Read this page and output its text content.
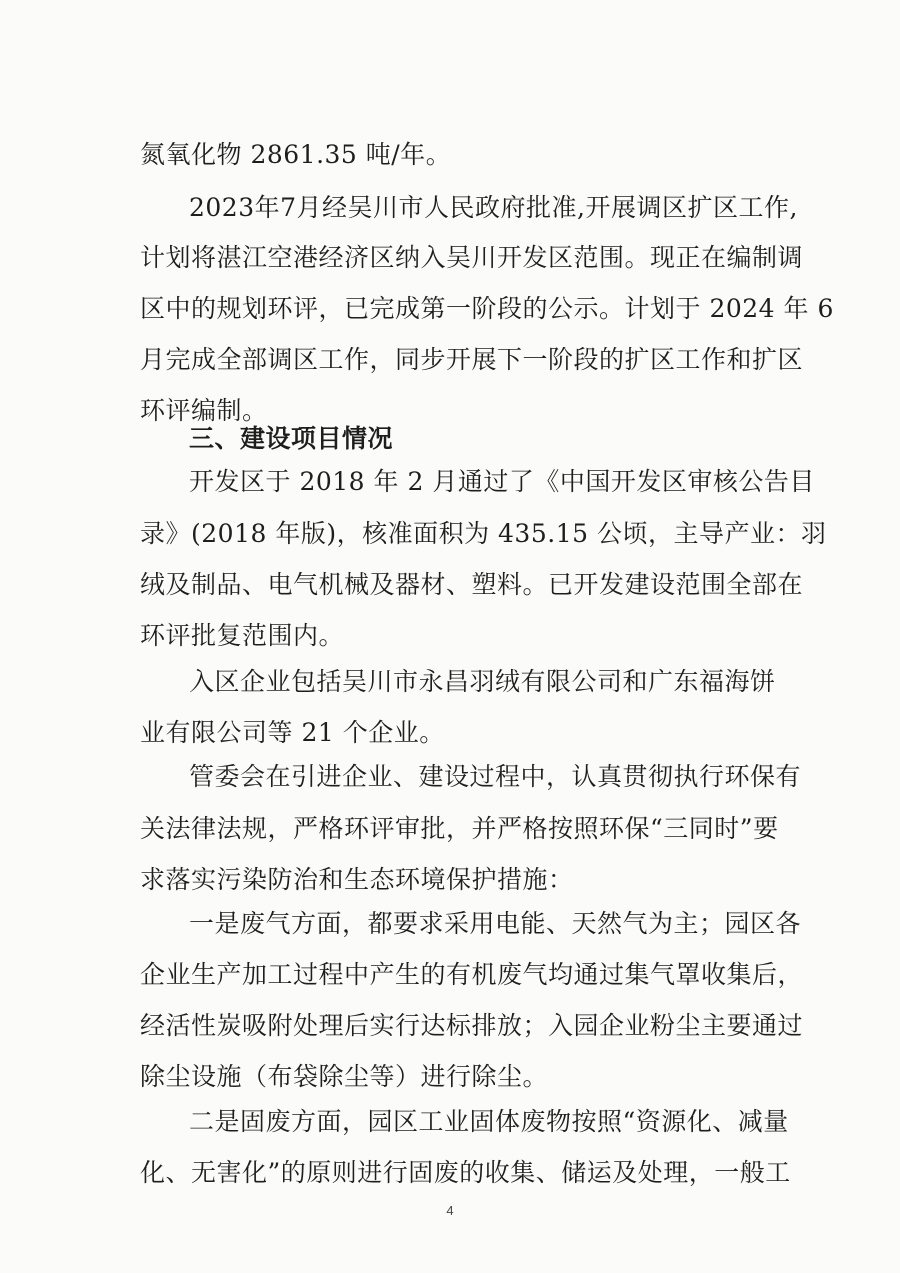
氮氧化物 2861.35 吨/年。
2023年7月经吴川市人民政府批准,开展调区扩区工作,
计划将湛江空港经济区纳入吴川开发区范围。现正在编制调
区中的规划环评，已完成第一阶段的公示。计划于 2024 年 6
月完成全部调区工作，同步开展下一阶段的扩区工作和扩区
环评编制。
三、建设项目情况
开发区于 2018 年 2 月通过了《中国开发区审核公告目
录》(2018 年版)，核准面积为 435.15 公顷，主导产业：羽
绒及制品、电气机械及器材、塑料。已开发建设范围全部在
环评批复范围内。
入区企业包括吴川市永昌羽绒有限公司和广东福海饼
业有限公司等 21 个企业。
管委会在引进企业、建设过程中，认真贯彻执行环保有
关法律法规，严格环评审批，并严格按照环保“三同时”要
求落实污染防治和生态环境保护措施：
一是废气方面，都要求采用电能、天然气为主；园区各
企业生产加工过程中产生的有机废气均通过集气罩收集后，
经活性炭吸附处理后实行达标排放；入园企业粉尘主要通过
除尘设施（布袋除尘等）进行除尘。
二是固废方面，园区工业固体废物按照“资源化、减量
化、无害化”的原则进行固废的收集、储运及处理，一般工
4
